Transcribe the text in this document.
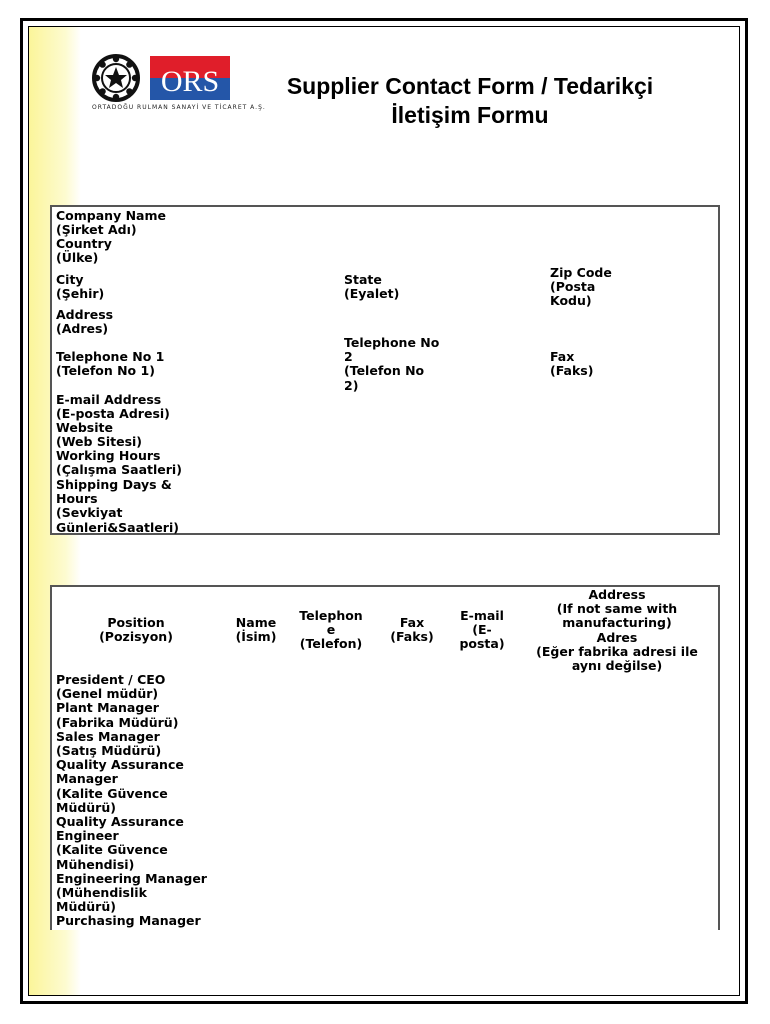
ORS
ORTADOĞU RULMAN SANAYİ VE TİCARET A.Ş.
Supplier Contact Form / Tedarikçi
İletişim Formu
Company Name
(Şirket Adı)
Country
(Ülke)
City
(Şehir)
State
(Eyalet)
Zip Code
(Posta
Kodu)
Address
(Adres)
Telephone No 1
(Telefon No 1)
Telephone No
2
(Telefon No
2)
Fax
(Faks)
E-mail Address
(E-posta Adresi)
Website
(Web Sitesi)
Working Hours
(Çalışma Saatleri)
Shipping Days &
Hours
(Sevkiyat
Günleri&Saatleri)
Position
(Pozisyon)
Name
(İsim)
Telephon
e
(Telefon)
Fax
(Faks)
E-mail
(E-
posta)
Address
(If not same with
manufacturing)
Adres
(Eğer fabrika adresi ile
aynı değilse)
President / CEO
(Genel müdür)
Plant Manager
(Fabrika Müdürü)
Sales Manager
(Satış Müdürü)
Quality Assurance
Manager
(Kalite Güvence
Müdürü)
Quality Assurance
Engineer
(Kalite Güvence
Mühendisi)
Engineering Manager
(Mühendislik
Müdürü)
Purchasing Manager
